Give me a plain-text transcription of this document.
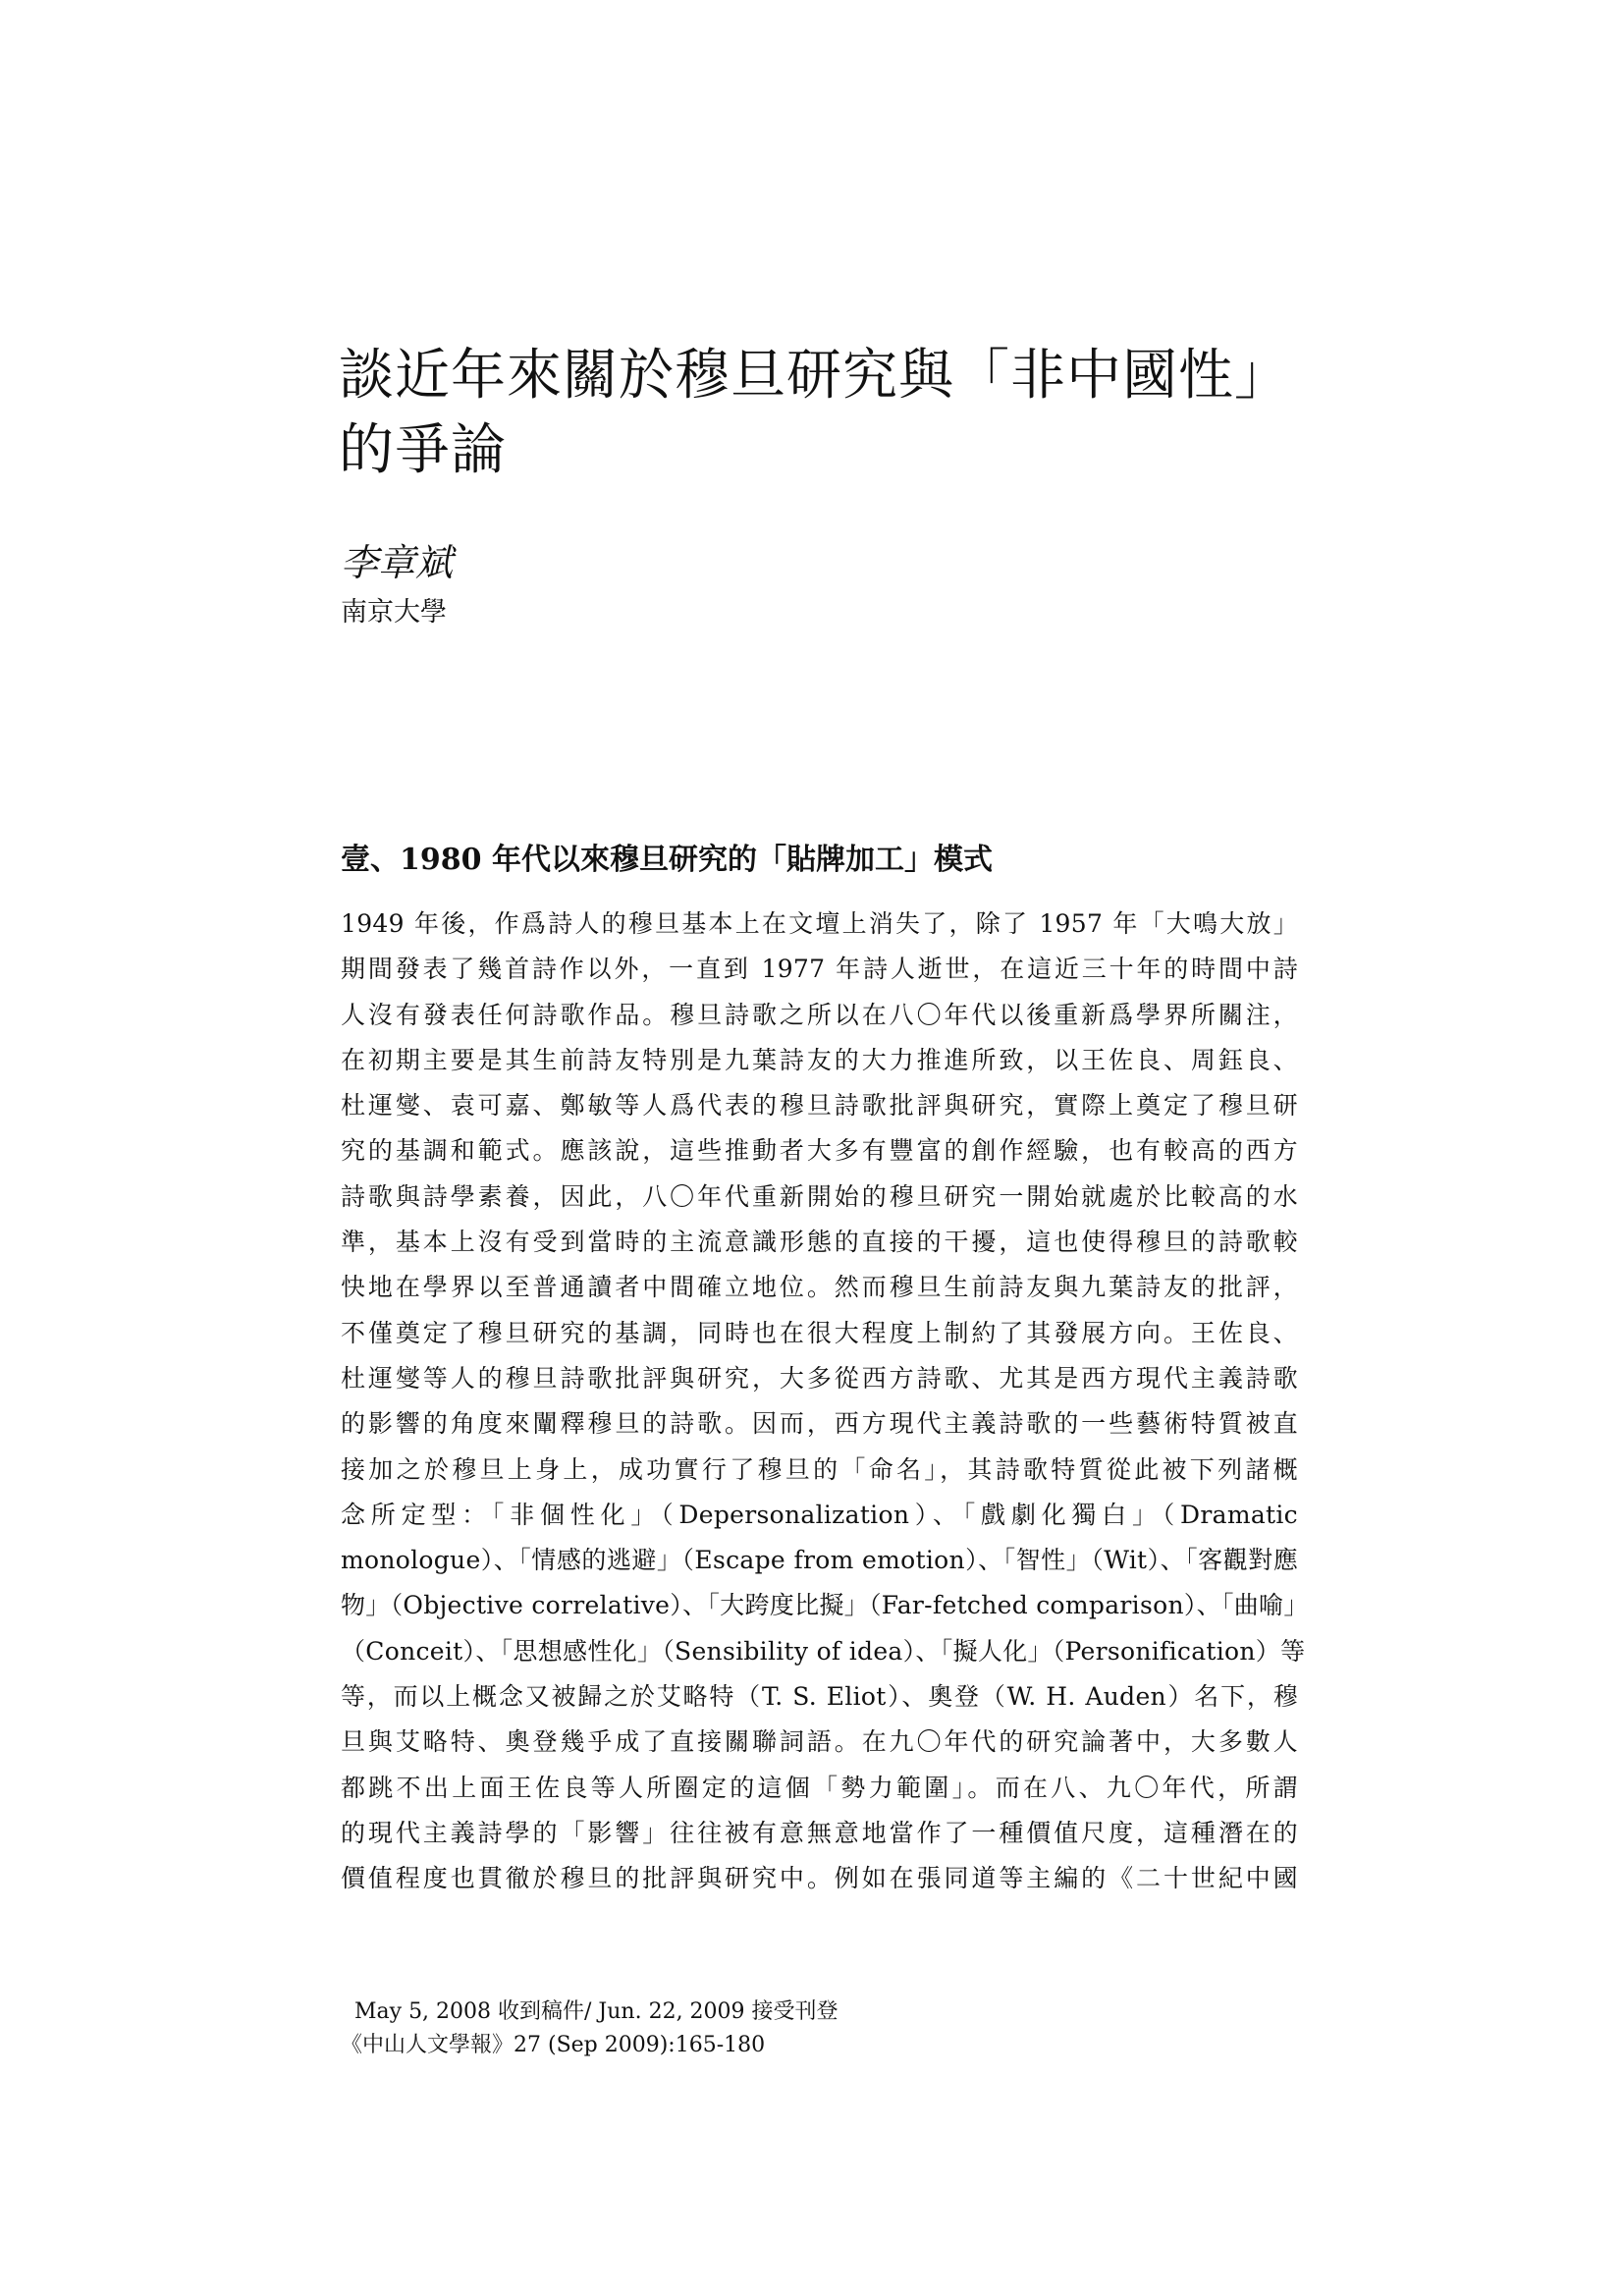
談近年來關於穆旦研究與「非中國性」
的爭論
李章斌
南京大學
壹、1980 年代以來穆旦研究的「貼牌加工」模式
1949 年後，作爲詩人的穆旦基本上在文壇上消失了，除了 1957 年「大鳴大放」
期間發表了幾首詩作以外，一直到 1977 年詩人逝世，在這近三十年的時間中詩
人沒有發表任何詩歌作品。穆旦詩歌之所以在八〇年代以後重新爲學界所關注，
在初期主要是其生前詩友特別是九葉詩友的大力推進所致，以王佐良、周鈺良、
杜運燮、袁可嘉、鄭敏等人爲代表的穆旦詩歌批評與研究，實際上奠定了穆旦研
究的基調和範式。應該說，這些推動者大多有豐富的創作經驗，也有較高的西方
詩歌與詩學素養，因此，八〇年代重新開始的穆旦研究一開始就處於比較高的水
準，基本上沒有受到當時的主流意識形態的直接的干擾，這也使得穆旦的詩歌較
快地在學界以至普通讀者中間確立地位。然而穆旦生前詩友與九葉詩友的批評，
不僅奠定了穆旦研究的基調，同時也在很大程度上制約了其發展方向。王佐良、
杜運燮等人的穆旦詩歌批評與研究，大多從西方詩歌、尤其是西方現代主義詩歌
的影響的角度來闡釋穆旦的詩歌。因而，西方現代主義詩歌的一些藝術特質被直
接加之於穆旦上身上，成功實行了穆旦的「命名」，其詩歌特質從此被下列諸概
念所定型：「非個性化」（Depersonalization）、「戲劇化獨白」（Dramatic
monologue）、「情感的逃避」（Escape from emotion）、「智性」（Wit）、「客觀對應
物」（Objective correlative）、「大跨度比擬」（Far-fetched comparison）、「曲喻」
（Conceit）、「思想感性化」（Sensibility of idea）、「擬人化」（Personification）等
等，而以上概念又被歸之於艾略特（T. S. Eliot）、奧登（W. H. Auden）名下，穆
旦與艾略特、奧登幾乎成了直接關聯詞語。在九〇年代的研究論著中，大多數人
都跳不出上面王佐良等人所圈定的這個「勢力範圍」。而在八、九〇年代，所謂
的現代主義詩學的「影響」往往被有意無意地當作了一種價值尺度，這種潛在的
價值程度也貫徹於穆旦的批評與研究中。例如在張同道等主編的《二十世紀中國
May 5, 2008 收到稿件/ Jun. 22, 2009 接受刊登
《中山人文學報》27 (Sep 2009):165-180
